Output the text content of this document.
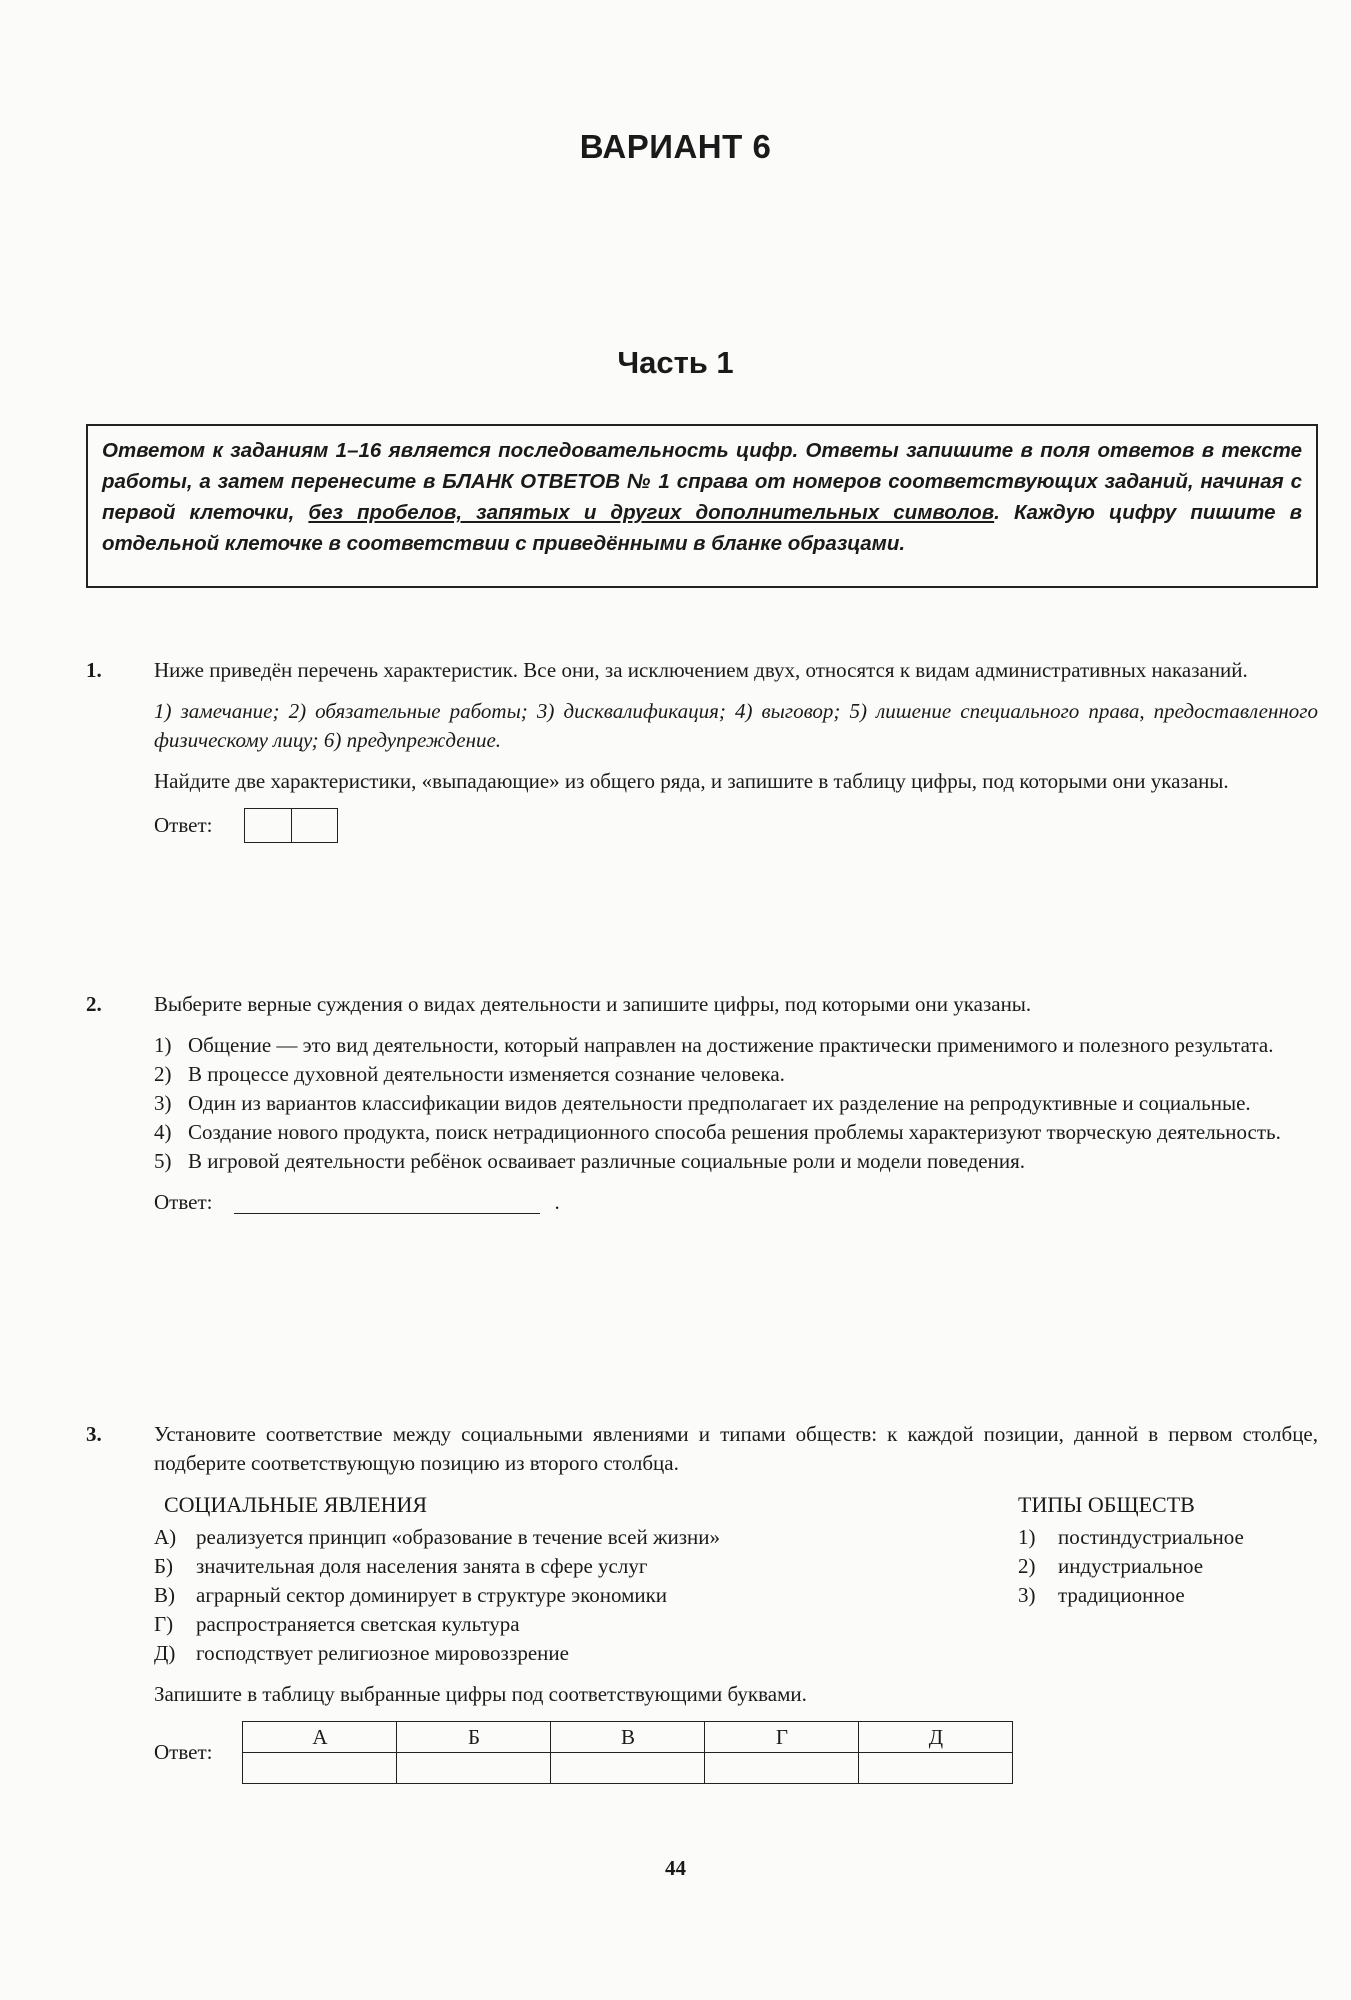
ВАРИАНТ 6
Часть 1
Ответом к заданиям 1–16 является последовательность цифр. Ответы запишите в поля ответов в тексте работы, а затем перенесите в БЛАНК ОТВЕТОВ № 1 справа от номеров соответствующих заданий, начиная с первой клеточки, без пробелов, запятых и других дополнительных символов. Каждую цифру пишите в отдельной клеточке в соответствии с приведёнными в бланке образцами.
1. Ниже приведён перечень характеристик. Все они, за исключением двух, относятся к видам административных наказаний.

1) замечание; 2) обязательные работы; 3) дисквалификация; 4) выговор; 5) лишение специального права, предоставленного физическому лицу; 6) предупреждение.

Найдите две характеристики, «выпадающие» из общего ряда, и запишите в таблицу цифры, под которыми они указаны.

Ответ:
2. Выберите верные суждения о видах деятельности и запишите цифры, под которыми они указаны.

1) Общение — это вид деятельности, который направлен на достижение практически применимого и полезного результата.
2) В процессе духовной деятельности изменяется сознание человека.
3) Один из вариантов классификации видов деятельности предполагает их разделение на репродуктивные и социальные.
4) Создание нового продукта, поиск нетрадиционного способа решения проблемы характеризуют творческую деятельность.
5) В игровой деятельности ребёнок осваивает различные социальные роли и модели поведения.
Ответ:	.
3. Установите соответствие между социальными явлениями и типами обществ: к каждой позиции, данной в первом столбце, подберите соответствующую позицию из второго столбца.

СОЦИАЛЬНЫЕ ЯВЛЕНИЯ
А) реализуется принцип «образование в течение всей жизни»
Б)	значительная доля населения занята в сфере услуг
В)	аграрный сектор доминирует в структуре экономики
Г)	распространяется светская культура
Д) господствует религиозное мировоззрение
ТИПЫ ОБЩЕСТВ
1)	постиндустриальное
2)	индустриальное
3)	традиционное

Запишите в таблицу выбранные цифры под соответствующими буквами.

Ответ:
А	Б	В	Г	Д

44
